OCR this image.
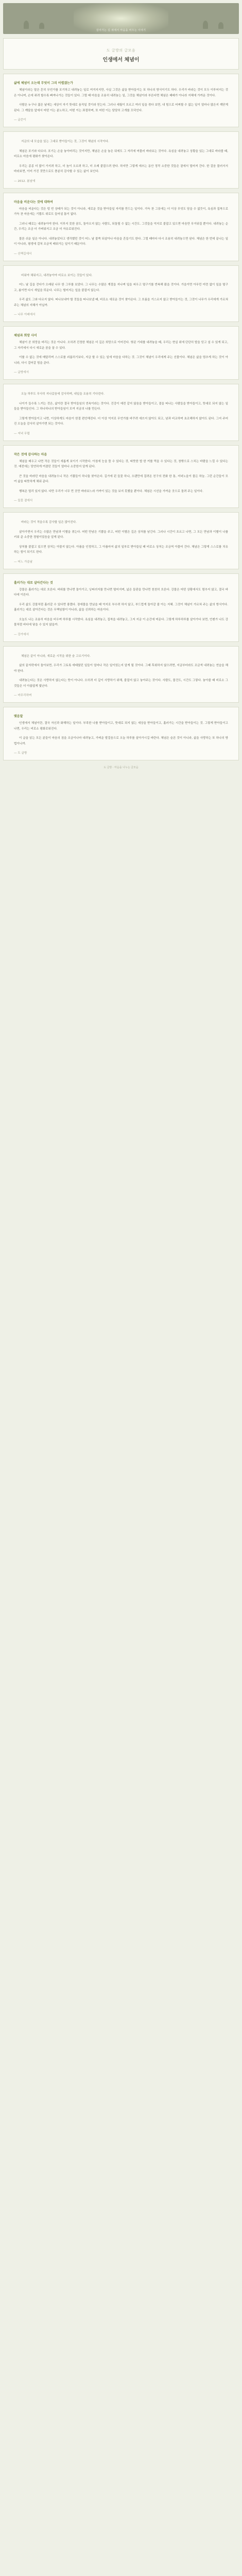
걸어가는 길 위에서 마음을 비우는 이야기
도 글방의 글모음
인생에서 체념이
삶에 체념이 오는데 무엇이 그리 어렵겠는가

체념이라는 말은 흔히 무언가를 포기하고 내려놓는 일로 여겨지지만, 사실 그것은 삶을 받아들이는 또 하나의 방식이기도 하다. 우리가 바라는 것이 모두 이루어지는 것은 아니며, 손에 쥐려 할수록 빠져나가는 것들이 있다. 그럴 때 마음을 조용히 내려놓는 일, 그것을 체념이라 부른다면 체념은 패배가 아니라 지혜에 가까운 것이다.

사람은 누구나 젊은 날에는 세상이 자기 뜻대로 움직일 것이라 믿는다. 그러나 세월이 흐르고 여러 일을 겪다 보면, 내 힘으로 어찌할 수 없는 일이 얼마나 많은지 깨닫게 된다. 그 깨달음 앞에서 어떤 이는 분노하고, 어떤 이는 좌절하며, 또 어떤 이는 담담히 고개를 끄덕인다.

— 글쓴이
지금의 내 모습을 있는 그대로 받아들이는 것, 그것이 체념의 시작이다.

체념은 포기와 다르다. 포기는 손을 놓아버리는 것이지만, 체념은 손을 놓은 뒤에도 그 자리에 머물러 바라보는 것이다. 욕심을 내려놓고 상황을 있는 그대로 바라볼 때, 비로소 마음에 평화가 찾아온다.

우리는 종종 더 많이 가지려 하고, 더 높이 오르려 하고, 더 오래 붙잡으려 한다. 하지만 그렇게 애쓰는 동안 정작 소중한 것들은 곁에서 멀어져 간다. 한 걸음 물러서서 바라보면, 이미 가진 것만으로도 충분히 감사할 수 있는 삶이 보인다.

— 2012. 봄날에
마음을 비운다는 것에 대하여

마음을 비운다는 것은 텅 빈 상태가 되는 것이 아니라, 새로운 것을 받아들일 자리를 만드는 일이다. 가득 찬 그릇에는 더 이상 무엇도 담을 수 없듯이, 욕심과 집착으로 가득 찬 마음에는 기쁨도 위로도 들어설 틈이 없다.

그러니 때로는 내려놓아야 한다. 이루지 못한 꿈도, 돌아오지 않는 사람도, 되돌릴 수 없는 시간도. 그것들을 억지로 붙잡고 있으면 마음만 무거워질 뿐이다. 내려놓는 순간, 우리는 조금 더 가벼워지고 조금 더 자유로워진다.

물론 쉬운 일은 아니다. 내려놓았다고 생각했던 것이 어느 날 불쑥 되살아나 마음을 흔들기도 한다. 그럴 때마다 다시 조용히 내려놓으면 된다. 체념은 한 번에 끝나는 일이 아니라, 평생에 걸쳐 조금씩 배워가는 일이기 때문이다.

— 산책길에서
비워야 채워지고, 내려놓아야 비로소 보이는 것들이 있다.

어느 날 길을 걷다가 오래된 나무 한 그루를 보았다. 그 나무는 수많은 계절을 지나며 잎을 피우고 떨구기를 반복해 왔을 것이다. 가을이면 아무런 미련 없이 잎을 떨구고, 봄이면 다시 새잎을 틔운다. 나무는 떨어지는 잎을 붙잡지 않는다.

우리 삶도 그와 다르지 않다. 떠나보내야 할 것들을 떠나보낼 때, 비로소 새로운 것이 찾아온다. 그 흐름을 거스르지 않고 받아들이는 것, 그것이 나무가 우리에게 가르쳐 주는 체념의 지혜가 아닐까.

— 나무 아래에서
체념과 희망 사이

체념이 곧 희망을 버리는 것은 아니다. 오히려 진정한 체념은 더 깊은 희망으로 이어진다. 헛된 기대를 내려놓을 때, 우리는 현실 위에 단단히 발을 딛고 설 수 있게 되고, 그 자리에서 다시 새로운 꿈을 꿀 수 있다.

이룰 수 없는 것에 매달리며 스스로를 괴롭히기보다, 지금 할 수 있는 일에 마음을 다하는 것. 그것이 체념이 우리에게 주는 선물이다. 체념은 삶을 멈추게 하는 것이 아니라, 다시 걸어갈 힘을 준다.

— 글방에서
오늘 하루도 무사히 지나갔음에 감사하며, 내일을 조용히 기다린다.

나이가 들수록 느끼는 것은, 삶이란 결국 받아들임의 연속이라는 것이다. 건강이 예전 같지 않음을 받아들이고, 곁을 떠나는 사람들을 받아들이고, 뜻대로 되지 않는 일들을 받아들인다. 그 하나하나의 받아들임이 모여 지금의 나를 만든다.

그렇게 받아들이고 나면, 이상하게도 마음이 한결 편안해진다. 더 이상 억지로 무언가를 바꾸려 애쓰지 않아도 되고, 남과 비교하며 초조해하지 않아도 된다. 그저 주어진 오늘을 감사히 살아가면 되는 것이다.

— 저녁 무렵
작은 것에 감사하는 마음

체념을 배우고 나면 작은 것들이 새롭게 보이기 시작한다. 아침에 눈을 뜰 수 있다는 것, 따뜻한 밥 한 끼를 먹을 수 있다는 것, 창밖으로 스치는 바람을 느낄 수 있다는 것. 예전에는 당연하게 여겼던 것들이 얼마나 소중한지 알게 된다.

큰 것을 바라던 마음을 내려놓으니 작은 기쁨들이 하나둘 찾아온다. 길가에 핀 들꽃 하나, 오랜만에 걸려온 친구의 전화 한 통, 저녁노을이 물든 하늘. 그런 순간들이 모여 삶을 따뜻하게 채워 준다.

행복은 멀리 있지 않다. 다만 우리가 너무 먼 곳만 바라보느라 가까이 있는 것을 보지 못했을 뿐이다. 체념은 시선을 가까운 곳으로 돌려 주는 일이다.

— 들꽃 곁에서
바라는 것이 적을수록 감사할 일은 많아진다.

살아가면서 우리는 수많은 만남과 이별을 겪는다. 어떤 만남은 기쁨을 주고, 어떤 이별은 깊은 상처를 남긴다. 그러나 시간이 흐르고 나면, 그 모든 만남과 이별이 나를 키워 준 소중한 경험이었음을 알게 된다.

상처를 붙잡고 있으면 상처는 아물지 않는다. 아픔을 인정하고, 그 아픔마저 삶의 일부로 받아들일 때 비로소 상처는 조금씩 아물어 간다. 체념은 그렇게 스스로를 치유하는 힘이 되기도 한다.

— 어느 가을날
흘러가는 대로 살아간다는 것

강물은 흘러가는 대로 흐른다. 바위를 만나면 돌아가고, 낭떠러지를 만나면 떨어지며, 넓은 들판을 만나면 천천히 흐른다. 강물은 어떤 상황에서도 멈추지 않고, 결국 바다에 이른다.

우리 삶도 강물처럼 흘러갈 수 있다면 좋겠다. 장애물을 만났을 때 억지로 부수려 하지 않고, 부드럽게 돌아갈 줄 아는 지혜. 그것이 체념이 가르쳐 주는 삶의 방식이다. 흘러가는 대로 살아간다는 것은 무책임함이 아니라, 삶을 신뢰하는 마음이다.

오늘도 나는 조용히 마음을 비우며 하루를 시작한다. 욕심을 내려놓고, 집착을 내려놓고, 그저 지금 이 순간에 머문다. 그렇게 하루하루를 살아가다 보면, 언젠가 나도 강물처럼 바다에 닿을 수 있지 않을까.

— 강가에서
체념은 끝이 아니라, 새로운 시작을 위한 숨 고르기이다.

삶의 끝자락에서 돌아보면, 우리가 그토록 애태웠던 일들이 얼마나 작은 일이었는지 알게 될 것이다. 그때 후회하지 않으려면, 지금부터라도 조금씩 내려놓는 연습을 해야 한다.

내려놓는다는 것은 사랑하지 않는다는 뜻이 아니다. 오히려 더 깊이 사랑하기 위해, 붙잡지 않고 놓아주는 것이다. 사람도, 물건도, 시간도 그렇다. 놓아줄 때 비로소 그것들은 더 아름답게 빛난다.

— 마무리하며
맺음말

인생에서 체념이란, 결국 자신과 화해하는 일이다. 부족한 나를 받아들이고, 뜻대로 되지 않는 세상을 받아들이고, 흘러가는 시간을 받아들이는 것. 그렇게 받아들이고 나면, 우리는 비로소 평화로워진다.

이 글을 읽는 모든 분들이 마음의 짐을 조금이나마 내려놓고, 가벼운 발걸음으로 오늘 하루를 살아가시길 바란다. 체념은 슬픈 것이 아니라, 삶을 사랑하는 또 하나의 방법이니까.

— 도 글방
도 글방 · 마음을 나누는 글모음
